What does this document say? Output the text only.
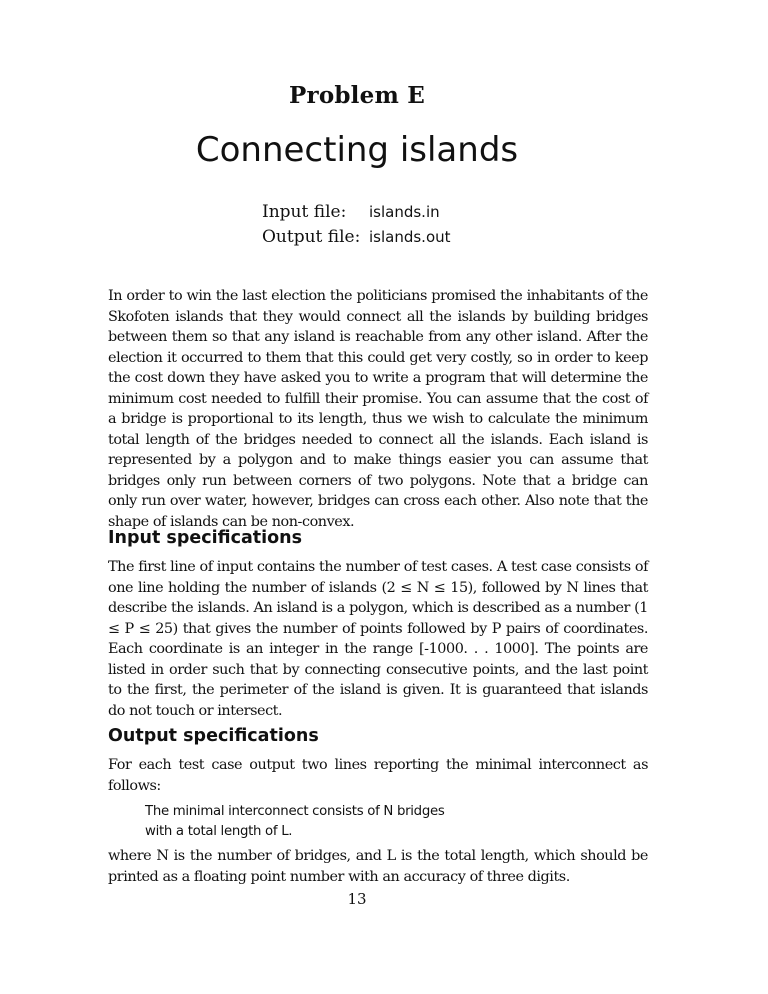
Problem E
Connecting islands
Input file:	islands.in
Output file: islands.out
In order to win the last election the politicians promised the inhabitants of the Skofoten islands that they would connect all the islands by building bridges between them so that any island is reachable from any other island. After the election it occurred to them that this could get very costly, so in order to keep the cost down they have asked you to write a program that will determine the minimum cost needed to fulfill their promise. You can assume that the cost of a bridge is proportional to its length, thus we wish to calculate the minimum total length of the bridges needed to connect all the islands. Each island is represented by a polygon and to make things easier you can assume that bridges only run between corners of two polygons. Note that a bridge can only run over water, however, bridges can cross each other. Also note that the shape of islands can be non-convex.
Input specifications
The first line of input contains the number of test cases. A test case consists of one line holding the number of islands (2 ≤ N ≤ 15), followed by N lines that describe the islands. An island is a polygon, which is described as a number (1 ≤ P ≤ 25) that gives the number of points followed by P pairs of coordinates. Each coordinate is an integer in the range [-1000. . . 1000]. The points are listed in order such that by connecting consecutive points, and the last point to the first, the perimeter of the island is given. It is guaranteed that islands do not touch or intersect.
Output specifications
For each test case output two lines reporting the minimal interconnect as follows:
The minimal interconnect consists of N bridges
with a total length of L.
where N is the number of bridges, and L is the total length, which should be printed as a floating point number with an accuracy of three digits.
13
